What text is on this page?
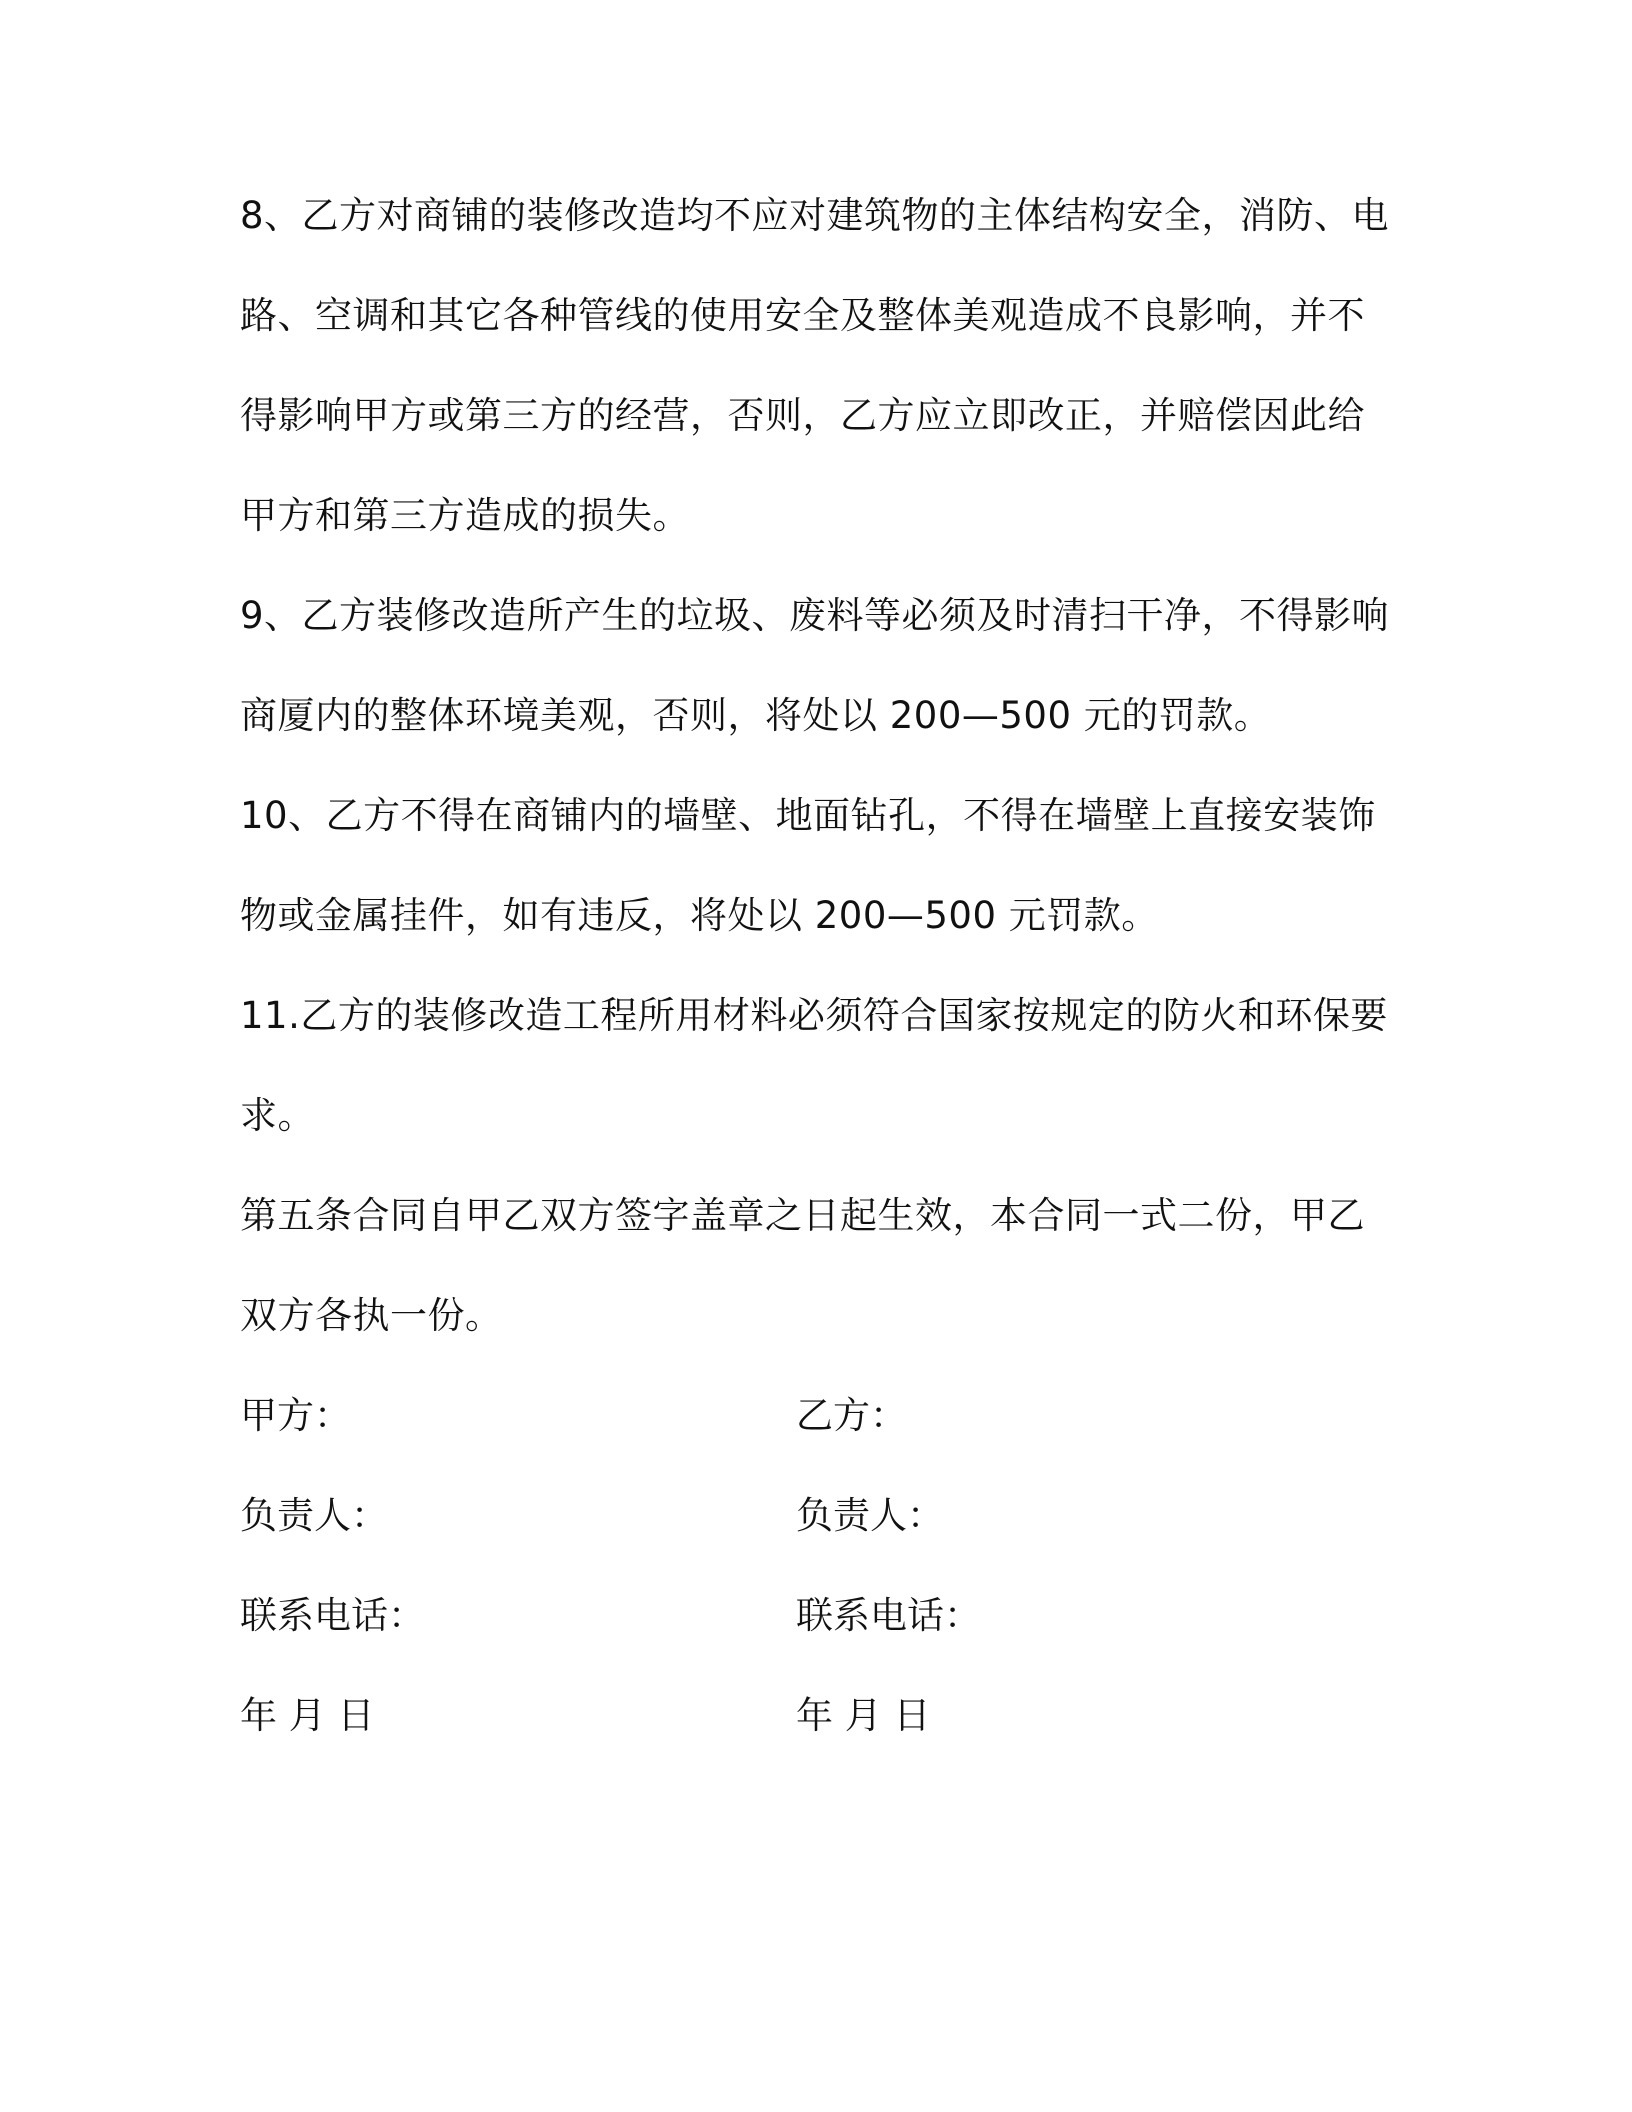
8、乙方对商铺的装修改造均不应对建筑物的主体结构安全，消防、电
路、空调和其它各种管线的使用安全及整体美观造成不良影响，并不
得影响甲方或第三方的经营，否则，乙方应立即改正，并赔偿因此给
甲方和第三方造成的损失。
9、乙方装修改造所产生的垃圾、废料等必须及时清扫干净，不得影响
商厦内的整体环境美观，否则，将处以 200—500 元的罚款。
10、乙方不得在商铺内的墙壁、地面钻孔，不得在墙壁上直接安装饰
物或金属挂件，如有违反，将处以 200—500 元罚款。
11.乙方的装修改造工程所用材料必须符合国家按规定的防火和环保要
求。
第五条合同自甲乙双方签字盖章之日起生效，本合同一式二份，甲乙
双方各执一份。
甲方：
负责人：
联系电话：
年 月 日
乙方：
负责人：
联系电话：
年 月 日
